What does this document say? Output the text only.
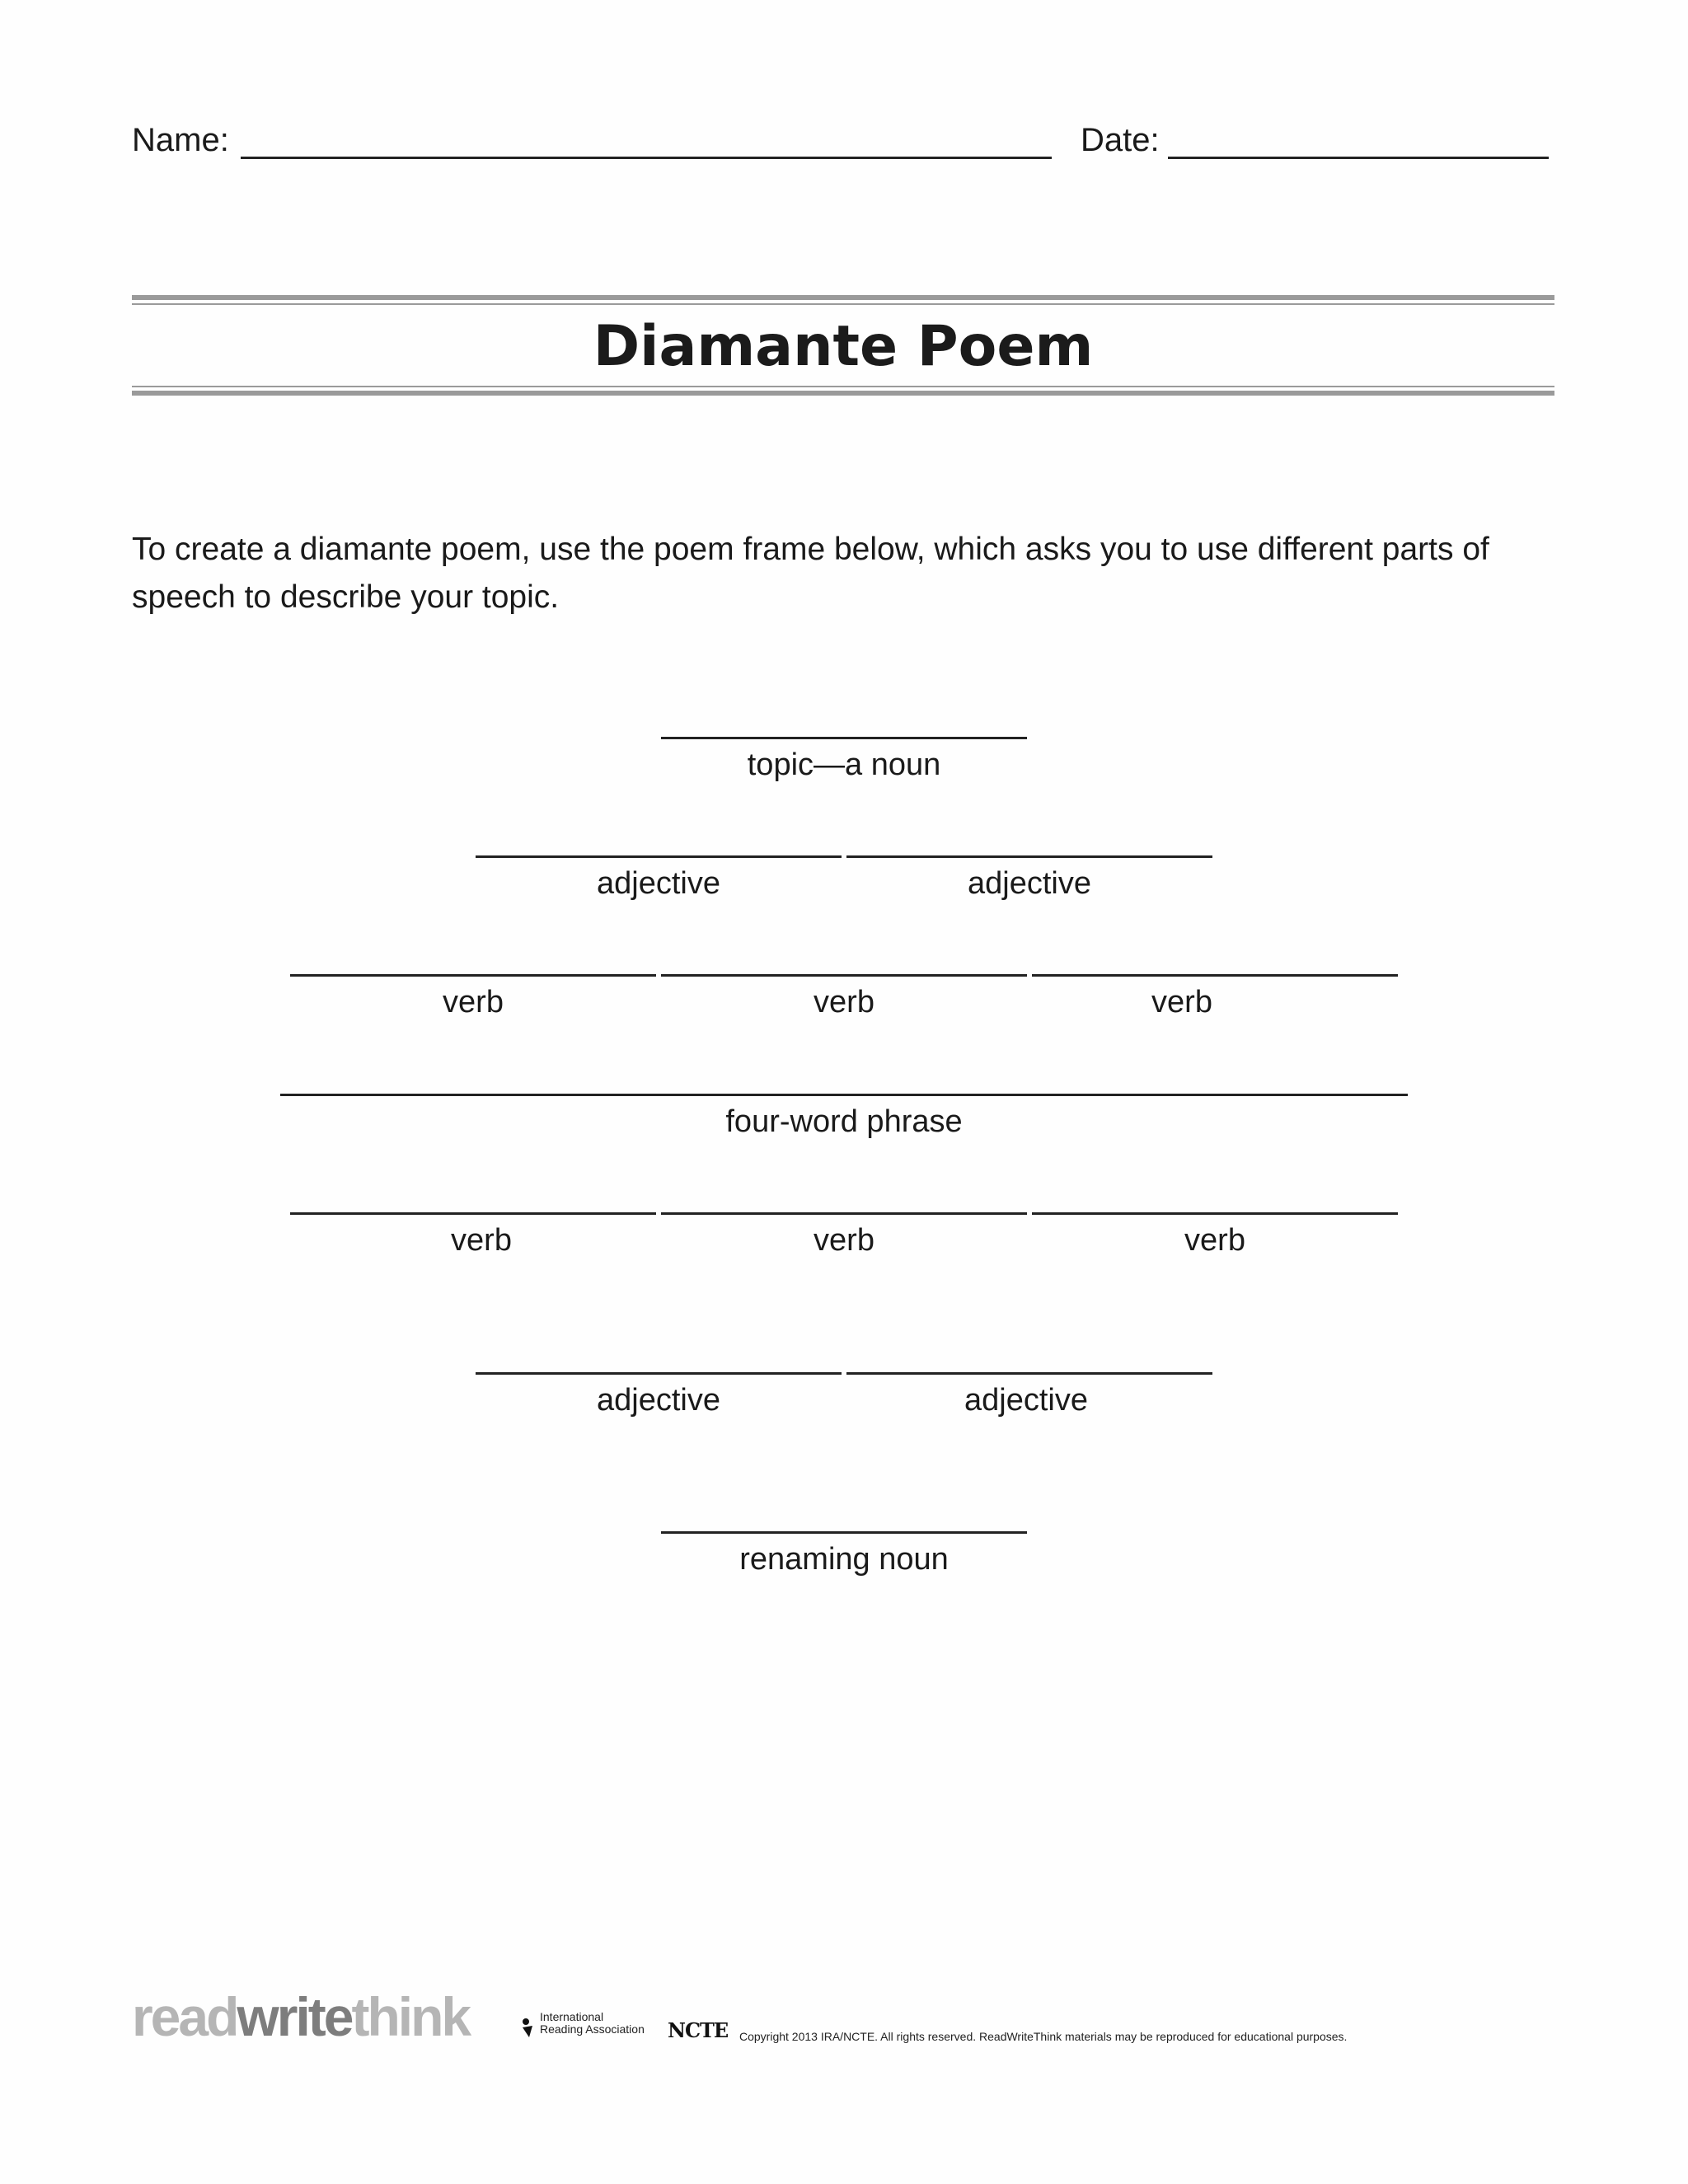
Name:	Date:
Diamante Poem

To create a diamante poem, use the poem frame below, which asks you to use different parts of speech to describe your topic.

topic—a noun
adjective	adjective
verb	verb	verb
four-word phrase
verb	verb	verb
adjective	adjective
renaming noun
readwritethink	International
Reading Association NCTE Copyright 2013 IRA/NCTE. All rights reserved. ReadWriteThink materials may be reproduced for educational purposes.
